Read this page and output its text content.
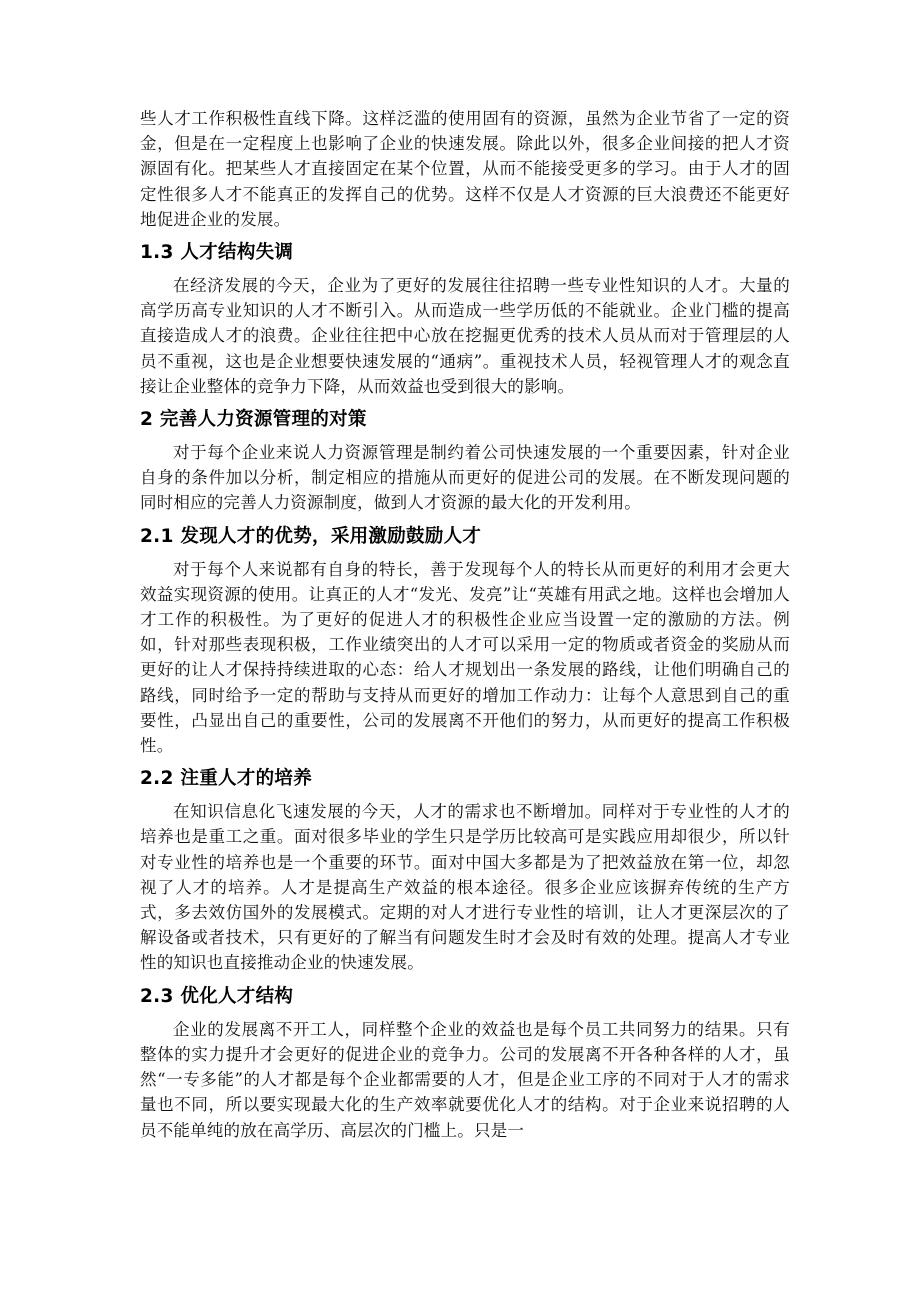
些人才工作积极性直线下降。这样泛滥的使用固有的资源，虽然为企业节省了一定的资金，但是在一定程度上也影响了企业的快速发展。除此以外，很多企业间接的把人才资源固有化。把某些人才直接固定在某个位置，从而不能接受更多的学习。由于人才的固定性很多人才不能真正的发挥自己的优势。这样不仅是人才资源的巨大浪费还不能更好地促进企业的发展。

1.3 人才结构失调

在经济发展的今天，企业为了更好的发展往往招聘一些专业性知识的人才。大量的高学历高专业知识的人才不断引入。从而造成一些学历低的不能就业。企业门槛的提高直接造成人才的浪费。企业往往把中心放在挖掘更优秀的技术人员从而对于管理层的人员不重视，这也是企业想要快速发展的“通病”。重视技术人员，轻视管理人才的观念直接让企业整体的竞争力下降，从而效益也受到很大的影响。

2 完善人力资源管理的对策

对于每个企业来说人力资源管理是制约着公司快速发展的一个重要因素，针对企业自身的条件加以分析，制定相应的措施从而更好的促进公司的发展。在不断发现问题的同时相应的完善人力资源制度，做到人才资源的最大化的开发利用。

2.1 发现人才的优势，采用激励鼓励人才

对于每个人来说都有自身的特长，善于发现每个人的特长从而更好的利用才会更大效益实现资源的使用。让真正的人才“发光、发亮”让“英雄有用武之地。这样也会增加人才工作的积极性。为了更好的促进人才的积极性企业应当设置一定的激励的方法。例如，针对那些表现积极，工作业绩突出的人才可以采用一定的物质或者资金的奖励从而更好的让人才保持持续进取的心态：给人才规划出一条发展的路线，让他们明确自己的路线，同时给予一定的帮助与支持从而更好的增加工作动力：让每个人意思到自己的重要性，凸显出自己的重要性，公司的发展离不开他们的努力，从而更好的提高工作积极性。

2.2 注重人才的培养

在知识信息化飞速发展的今天，人才的需求也不断增加。同样对于专业性的人才的培养也是重工之重。面对很多毕业的学生只是学历比较高可是实践应用却很少，所以针对专业性的培养也是一个重要的环节。面对中国大多都是为了把效益放在第一位，却忽视了人才的培养。人才是提高生产效益的根本途径。很多企业应该摒弃传统的生产方式，多去效仿国外的发展模式。定期的对人才进行专业性的培训，让人才更深层次的了解设备或者技术，只有更好的了解当有问题发生时才会及时有效的处理。提高人才专业性的知识也直接推动企业的快速发展。

2.3 优化人才结构

企业的发展离不开工人，同样整个企业的效益也是每个员工共同努力的结果。只有整体的实力提升才会更好的促进企业的竞争力。公司的发展离不开各种各样的人才，虽然“一专多能”的人才都是每个企业都需要的人才，但是企业工序的不同对于人才的需求量也不同，所以要实现最大化的生产效率就要优化人才的结构。对于企业来说招聘的人员不能单纯的放在高学历、高层次的门槛上。只是一
